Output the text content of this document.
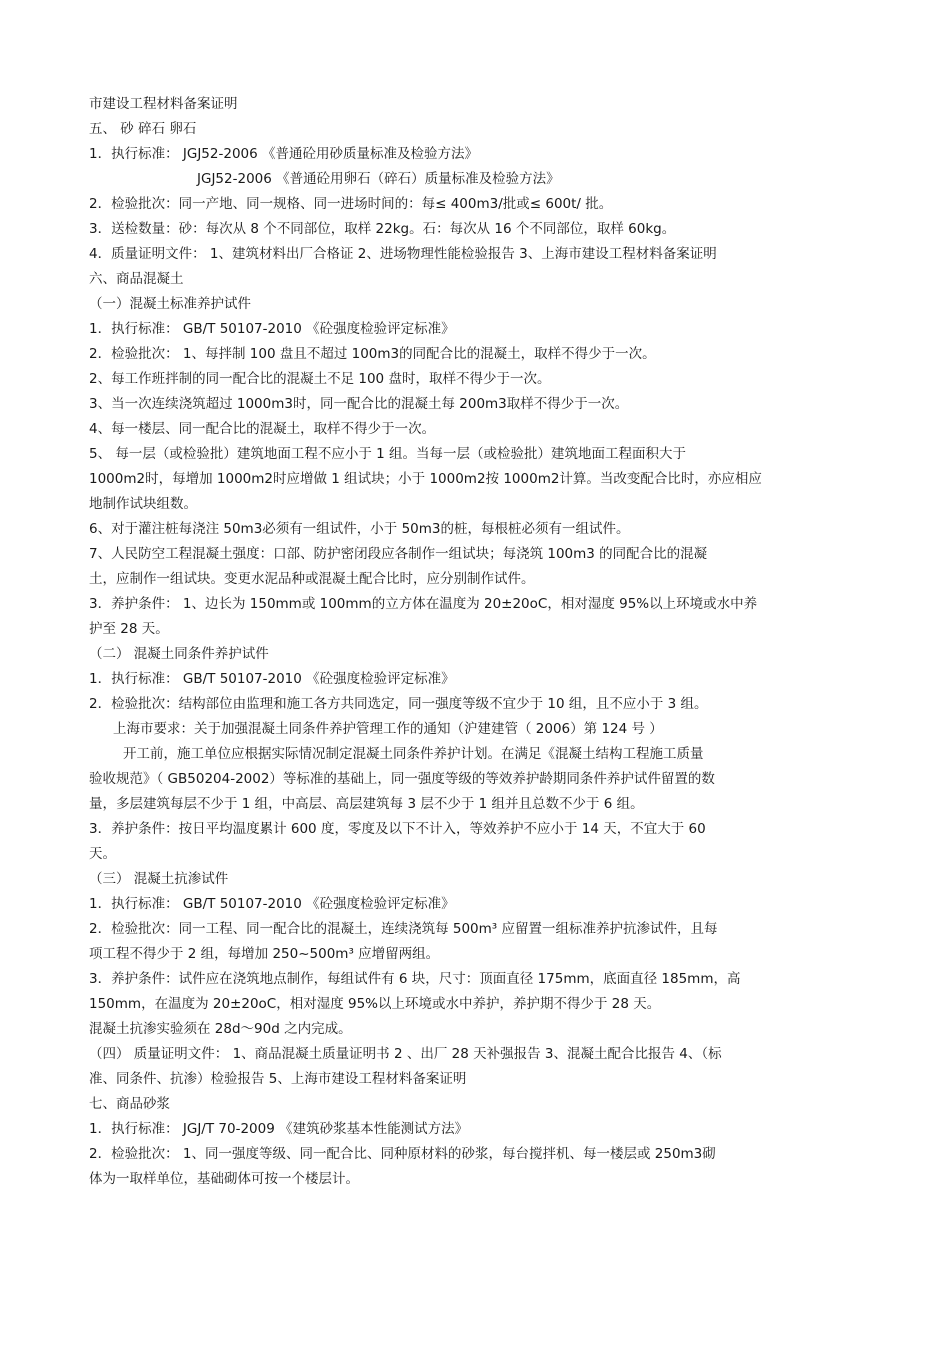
市建设工程材料备案证明
五、 砂 碎石 卵石
1．执行标准： JGJ52-2006 《普通砼用砂质量标准及检验方法》
JGJ52-2006 《普通砼用卵石（碎石）质量标准及检验方法》
2．检验批次：同一产地、同一规格、同一进场时间的：每≤ 400m3/批或≤ 600t/ 批。
3．送检数量：砂：每次从 8 个不同部位，取样 22kg。石：每次从 16 个不同部位，取样 60kg。
4．质量证明文件： 1、建筑材料出厂合格证 2、进场物理性能检验报告 3、上海市建设工程材料备案证明
六、商品混凝土
（一）混凝土标准养护试件
1．执行标准： GB/T 50107-2010 《砼强度检验评定标准》
2．检验批次： 1、每拌制 100 盘且不超过 100m3的同配合比的混凝土，取样不得少于一次。
2、每工作班拌制的同一配合比的混凝土不足 100 盘时，取样不得少于一次。
3、当一次连续浇筑超过 1000m3时，同一配合比的混凝土每 200m3取样不得少于一次。
4、每一楼层、同一配合比的混凝土，取样不得少于一次。
5、 每一层（或检验批）建筑地面工程不应小于 1 组。当每一层（或检验批）建筑地面工程面积大于
1000m2时，每增加 1000m2时应增做 1 组试块；小于 1000m2按 1000m2计算。当改变配合比时，亦应相应
地制作试块组数。
6、对于灌注桩每浇注 50m3必须有一组试件，小于 50m3的桩，每根桩必须有一组试件。
7、人民防空工程混凝土强度：口部、防护密闭段应各制作一组试块；每浇筑 100m3 的同配合比的混凝
土，应制作一组试块。变更水泥品种或混凝土配合比时，应分别制作试件。
3．养护条件： 1、边长为 150mm或 100mm的立方体在温度为 20±20oC，相对湿度 95%以上环境或水中养
护至 28 天。
（二） 混凝土同条件养护试件
1．执行标准： GB/T 50107-2010 《砼强度检验评定标准》
2．检验批次：结构部位由监理和施工各方共同选定，同一强度等级不宜少于 10 组，且不应小于 3 组。
上海市要求：关于加强混凝土同条件养护管理工作的通知（沪建建管（ 2006）第 124 号 ）
开工前，施工单位应根据实际情况制定混凝土同条件养护计划。在满足《混凝土结构工程施工质量
验收规范》（ GB50204-2002）等标准的基础上，同一强度等级的等效养护龄期同条件养护试件留置的数
量，多层建筑每层不少于 1 组，中高层、高层建筑每 3 层不少于 1 组并且总数不少于 6 组。
3．养护条件：按日平均温度累计 600 度，零度及以下不计入，等效养护不应小于 14 天，不宜大于 60
天。
（三） 混凝土抗渗试件
1．执行标准： GB/T 50107-2010 《砼强度检验评定标准》
2．检验批次：同一工程、同一配合比的混凝土，连续浇筑每 500m³ 应留置一组标准养护抗渗试件，且每
项工程不得少于 2 组，每增加 250~500m³ 应增留两组。
3．养护条件：试件应在浇筑地点制作，每组试件有 6 块，尺寸：顶面直径 175mm，底面直径 185mm，高
150mm，在温度为 20±20oC，相对湿度 95%以上环境或水中养护，养护期不得少于 28 天。
混凝土抗渗实验须在 28d～90d 之内完成。
（四） 质量证明文件： 1、商品混凝土质量证明书 2 、出厂 28 天补强报告 3、混凝土配合比报告 4、（标
准、同条件、抗渗）检验报告 5、上海市建设工程材料备案证明
七、商品砂浆
1．执行标准： JGJ/T 70-2009 《建筑砂浆基本性能测试方法》
2．检验批次： 1、同一强度等级、同一配合比、同种原材料的砂浆，每台搅拌机、每一楼层或 250m3砌
体为一取样单位，基础砌体可按一个楼层计。
